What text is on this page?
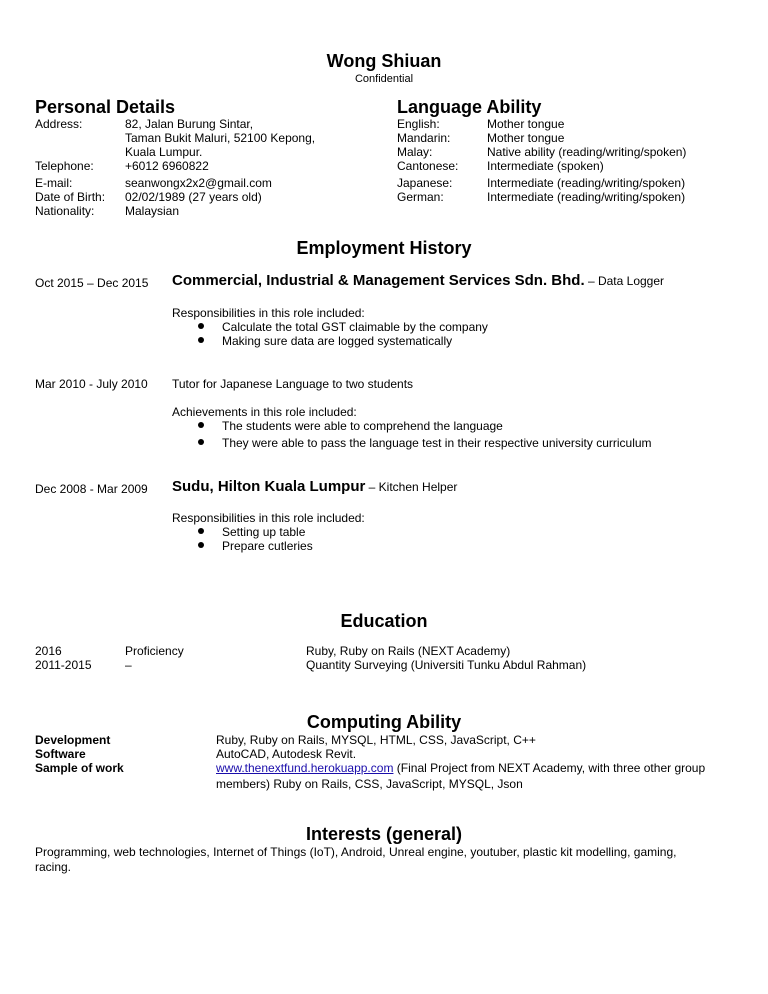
Wong Shiuan
Confidential
Personal Details
Address:	82, Jalan Burung Sintar,
Taman Bukit Maluri, 52100 Kepong,
Kuala Lumpur.
Telephone:	+6012 6960822
E-mail:	seanwongx2x2@gmail.com
Date of Birth: 02/02/1989 (27 years old)
Nationality:	Malaysian
Language Ability
English:	Mother tongue
Mandarin:	Mother tongue
Malay:	Native ability (reading/writing/spoken)
Cantonese: Intermediate (spoken)
Japanese:	Intermediate (reading/writing/spoken)
German:	Intermediate (reading/writing/spoken)
Employment History
Oct 2015 – Dec 2015 Commercial, Industrial & Management Services Sdn. Bhd. – Data Logger
Responsibilities in this role included:
Calculate the total GST claimable by the company
Making sure data are logged systematically
Mar 2010 - July 2010 Tutor for Japanese Language to two students
Achievements in this role included:
The students were able to comprehend the language
They were able to pass the language test in their respective university curriculum
Dec 2008 - Mar 2009 Sudu, Hilton Kuala Lumpur – Kitchen Helper
Responsibilities in this role included:
Setting up table
Prepare cutleries
Education
2016	Proficiency	Ruby, Ruby on Rails (NEXT Academy)
2011-2015	–	Quantity Surveying (Universiti Tunku Abdul Rahman)
Computing Ability
Development	Ruby, Ruby on Rails, MYSQL, HTML, CSS, JavaScript, C++
Software	AutoCAD, Autodesk Revit.
Sample of work	www.thenextfund.herokuapp.com (Final Project from NEXT Academy, with three other group
members) Ruby on Rails, CSS, JavaScript, MYSQL, Json
Interests (general)
Programming, web technologies, Internet of Things (IoT), Android, Unreal engine, youtuber, plastic kit modelling, gaming,
racing.
